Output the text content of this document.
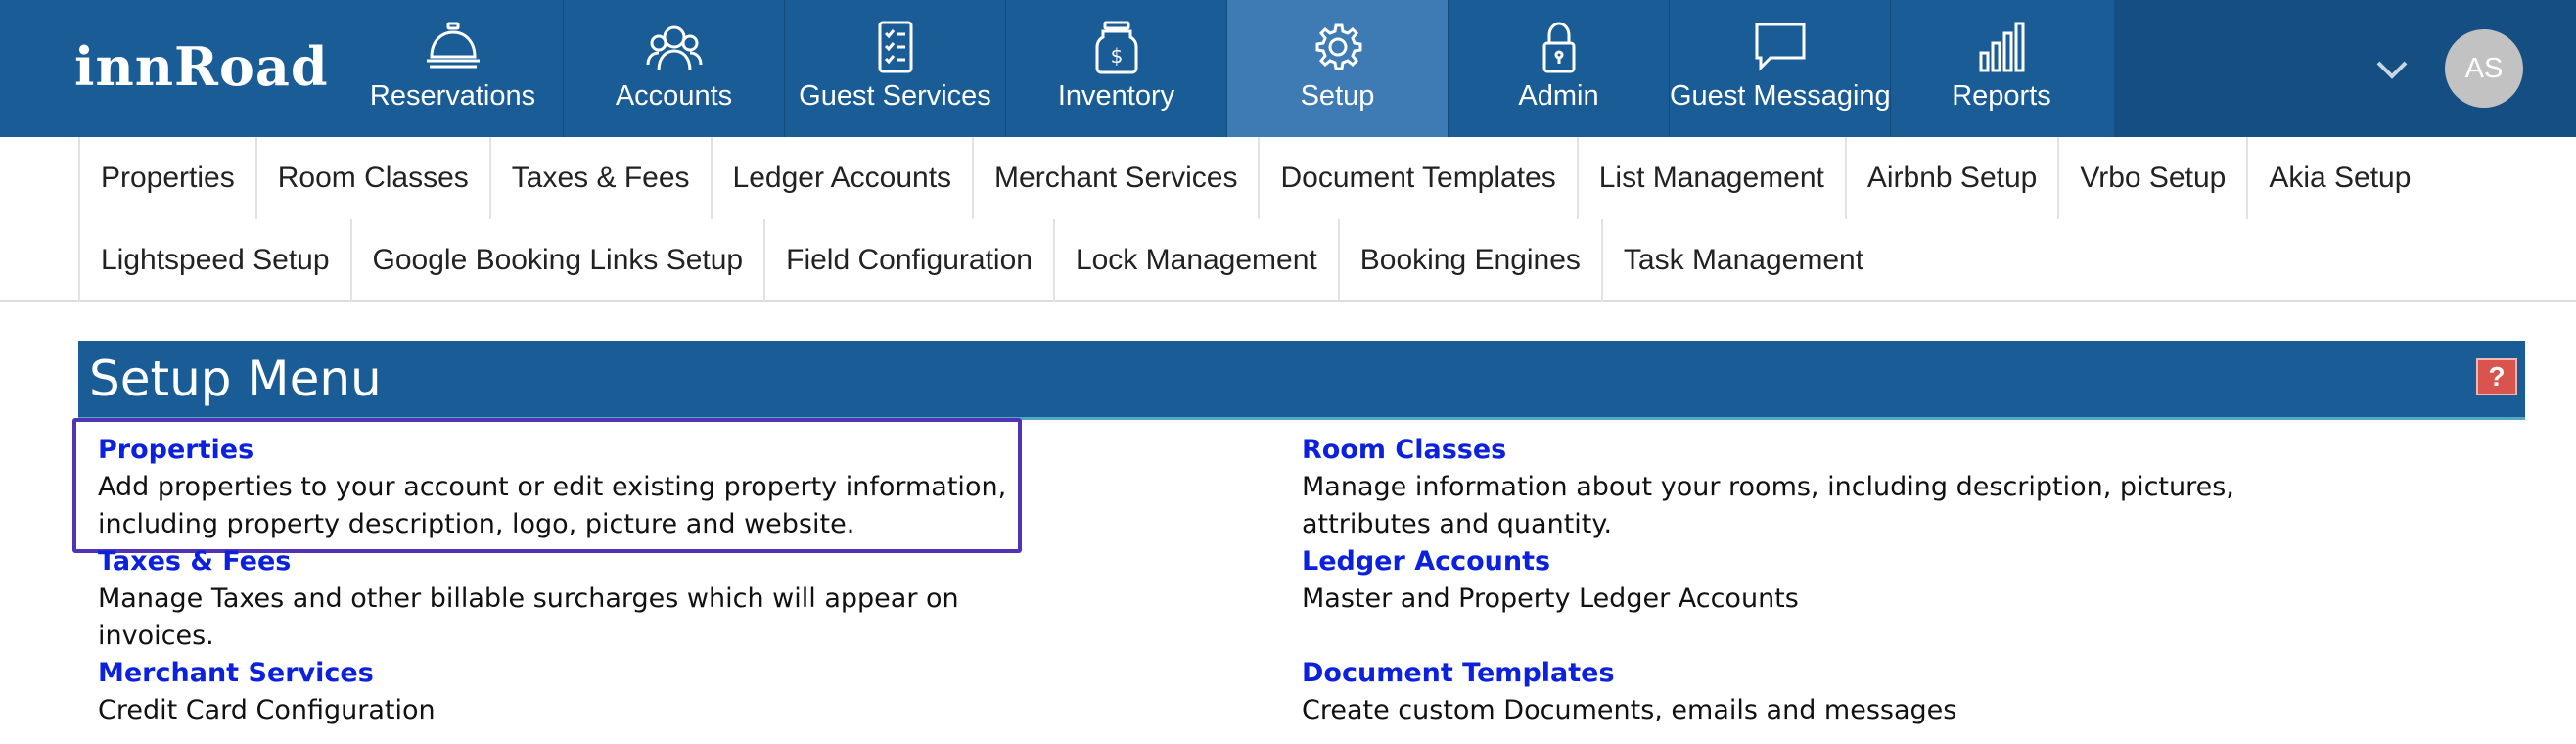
innRoad	Reservations	Accounts	Guest Services
$
Inventory	Setup	Admin	Guest Messaging	Reports
AS
Properties	Room Classes	Taxes & Fees	Ledger Accounts	Merchant Services	Document Templates	List Management	Airbnb Setup	Vrbo Setup	Akia Setup
Lightspeed Setup	Google Booking Links Setup	Field Configuration	Lock Management	Booking Engines	Task Management
Setup Menu	?
Properties
Add properties to your account or edit existing property information,
including property description, logo, picture and website.
Room Classes
Manage information about your rooms, including description, pictures,
attributes and quantity.
Taxes & Fees
Manage Taxes and other billable surcharges which will appear on
invoices.
Ledger Accounts
Master and Property Ledger Accounts
Merchant Services
Credit Card Configuration
Document Templates
Create custom Documents, emails and messages
